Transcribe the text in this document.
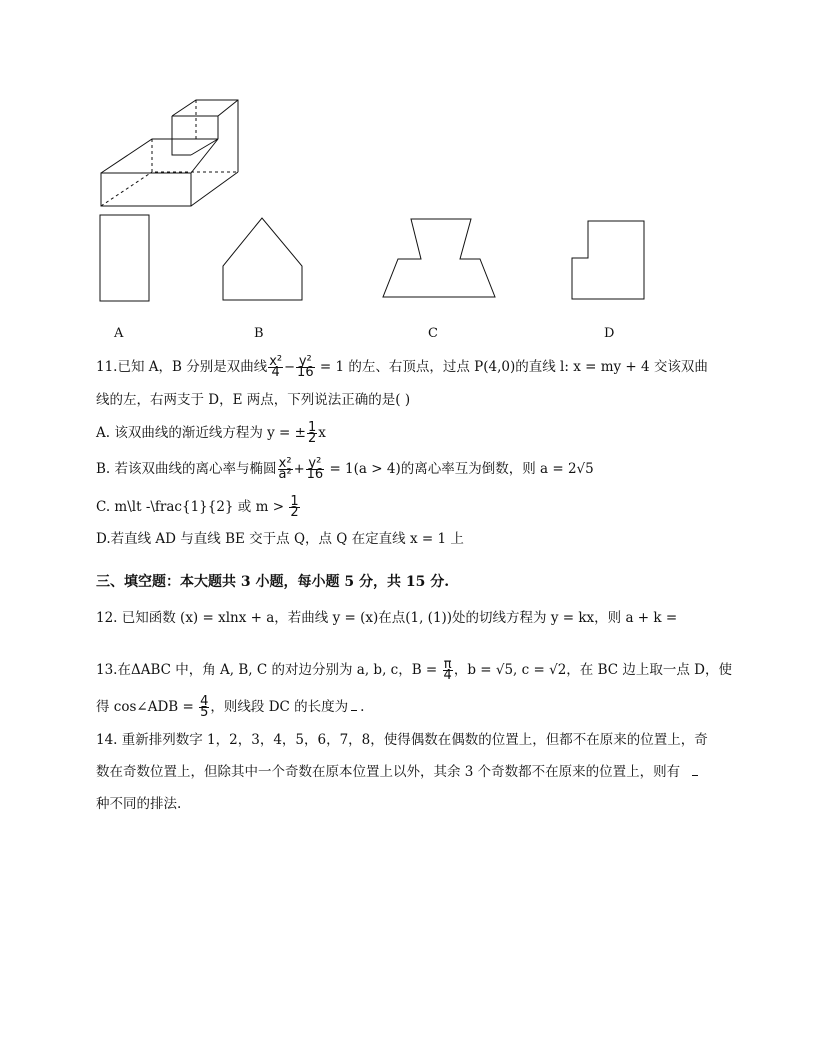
A	B	C	D
11.已知 A，B 分别是双曲线 $\frac{\text{x²}}{4} - \frac{\text{y²}}{16} = 1$ 的左、右顶点，过点 P(4,0)的直线 l: x = my + 4 交该双曲
线的左，右两支于 D，E 两点，下列说法正确的是( )
A. 该双曲线的渐近线方程为 y = ± $\frac{1}{2}$ x
B. 若该双曲线的离心率与椭圆 $\frac{\text{x²}}{\text{a²}} + \frac{\text{y²}}{16} = 1(a > 4)$的离心率互为倒数，则 a = 2√5
C. m\lt -\frac{1}{2} 或 $m > \frac{1}{2}$
D.若直线 AD 与直线 BE 交于点 Q，点 Q 在定直线 x = 1 上
三、填空题：本大题共 3 小题，每小题 5 分，共 15 分.
12. 已知函数 (x) = xlnx + a，若曲线 y = (x)在点(1, (1))处的切线方程为 y = kx，则 a + k =
13.在ΔABC 中，角 A, B, C 的对边分别为 a, b, c，$B = \frac{\pi}{4}$ ，b = √5, c = √2，在 BC 边上取一点 D，使
得 cos∠ADB = $\frac{4}{5}$ ，则线段 DC 的长度为 .
14. 重新排列数字 1，2，3，4，5，6，7，8，使得偶数在偶数的位置上，但都不在原来的位置上，奇
数在奇数位置上，但除其中一个奇数在原本位置上以外，其余 3 个奇数都不在原来的位置上，则有
种不同的排法.
